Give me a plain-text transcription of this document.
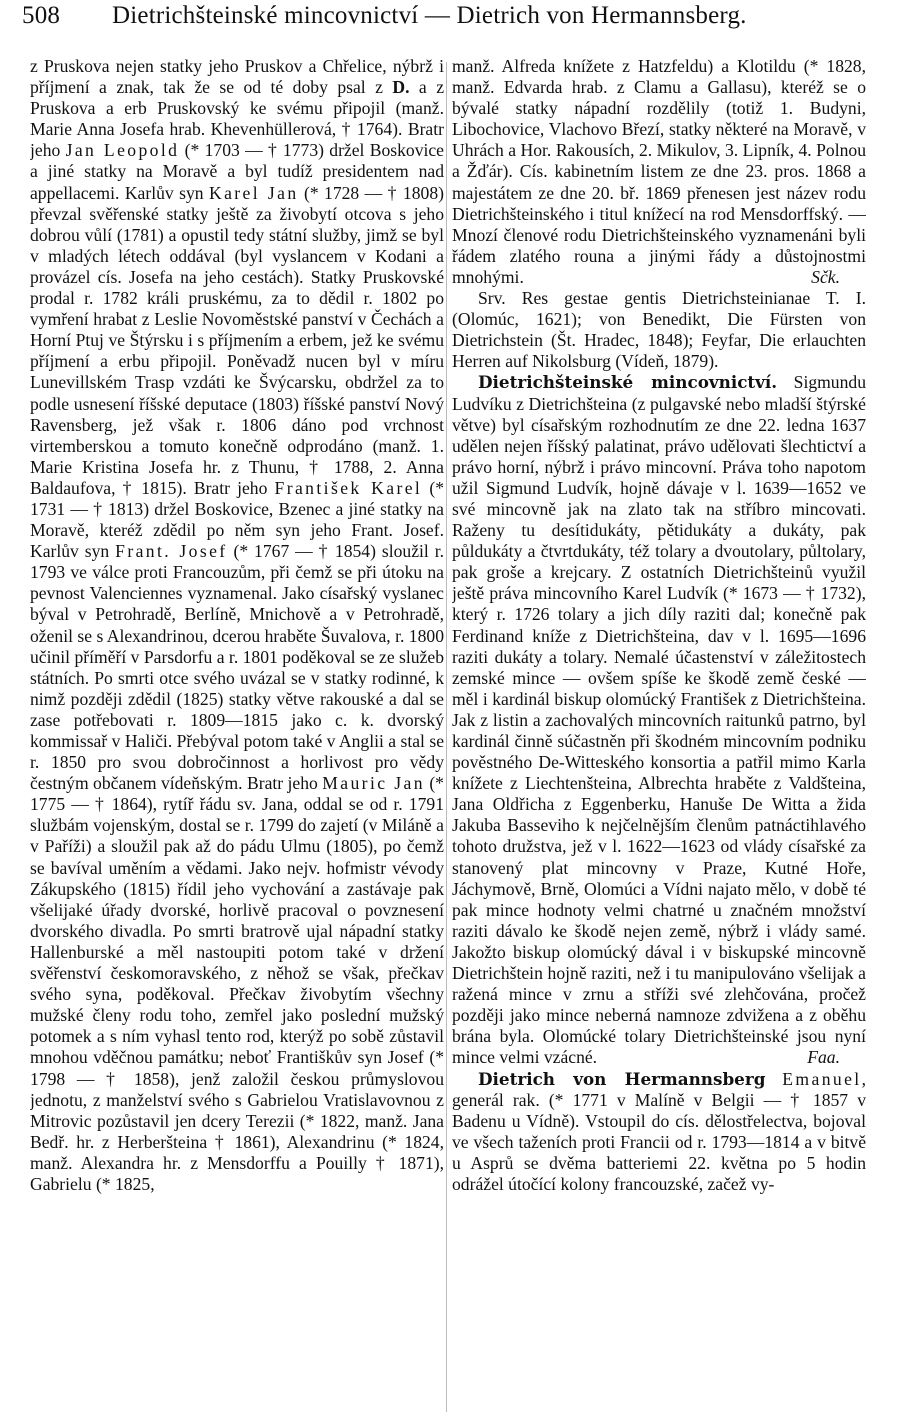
508	Dietrichšteinské mincovnictví — Dietrich von Hermannsberg.

z Pruskova nejen statky jeho Pruskov a Chřelice, nýbrž i příjmení a znak, tak že se od té doby psal z D. a z Pruskova a erb Pruskovský ke svému připojil (manž. Marie Anna Josefa hrab. Khevenhüllerová, † 1764). Bratr jeho Jan Leopold (* 1703 — † 1773) držel Boskovice a jiné statky na Moravě a byl tudíž presidentem nad appellacemi. Karlův syn Karel Jan (* 1728 — † 1808) převzal svěřenské statky ještě za živobytí otcova s jeho dobrou vůlí (1781) a opustil tedy státní služby, jimž se byl v mladých létech oddával (byl vyslancem v Kodani a provázel cís. Josefa na jeho cestách). Statky Pruskovské prodal r. 1782 králi pruskému, za to dědil r. 1802 po vymření hrabat z Leslie Novoměstské panství v Čechách a Horní Ptuj ve Štýrsku i s příjmením a erbem, jež ke svému příjmení a erbu připojil. Poněvadž nucen byl v míru Lunevillském Trasp vzdáti ke Švýcarsku, obdržel za to podle usnesení říšské deputace (1803) říšské panství Nový Ravensberg, jež však r. 1806 dáno pod vrchnost virtemberskou a tomuto konečně odprodáno (manž. 1. Marie Kristina Josefa hr. z Thunu, † 1788, 2. Anna Baldaufova, † 1815). Bratr jeho František Karel (* 1731 — † 1813) držel Boskovice, Bzenec a jiné statky na Moravě, kteréž zdědil po něm syn jeho Frant. Josef. Karlův syn Frant. Josef (* 1767 — † 1854) sloužil r. 1793 ve válce proti Francouzům, při čemž se při útoku na pevnost Valenciennes vyznamenal. Jako císařský vyslanec býval v Petrohradě, Berlíně, Mnichově a v Petrohradě, oženil se s Alexandrinou, dcerou hraběte Šuvalova, r. 1800 učinil příměří v Parsdorfu a r. 1801 poděkoval se ze služeb státních. Po smrti otce svého uvázal se v statky rodinné, k nimž později zdědil (1825) statky větve rakouské a dal se zase potřebovati r. 1809—1815 jako c. k. dvorský kommissař v Haliči. Přebýval potom také v Anglii a stal se r. 1850 pro svou dobročinnost a horlivost pro vědy čestným občanem vídeňským. Bratr jeho Mauric Jan (* 1775 — † 1864), rytíř řádu sv. Jana, oddal se od r. 1791 službám vojenským, dostal se r. 1799 do zajetí (v Miláně a v Paříži) a sloužil pak až do pádu Ulmu (1805), po čemž se bavíval uměním a vědami. Jako nejv. hofmistr vévody Zákupského (1815) řídil jeho vychování a zastávaje pak všelijaké úřady dvorské, horlivě pracoval o povznesení dvorského divadla. Po smrti bratrově ujal nápadní statky Hallenburské a měl nastoupiti potom také v držení svěřenství českomoravského, z něhož se však, přečkav svého syna, poděkoval. Přečkav živobytím všechny mužské členy rodu toho, zemřel jako poslední mužský potomek a s ním vyhasl tento rod, kterýž po sobě zůstavil mnohou vděčnou památku; neboť Františkův syn Josef (* 1798 — † 1858), jenž založil českou průmyslovou jednotu, z manželství svého s Gabrielou Vratislavovnou z Mitrovic pozůstavil jen dcery Terezii (* 1822, manž. Jana Bedř. hr. z Herberšteina † 1861), Alexandrinu (* 1824, manž. Alexandra hr. z Mensdorffu a Pouilly † 1871), Gabrielu (* 1825,

manž. Alfreda knížete z Hatzfeldu) a Klotildu (* 1828, manž. Edvarda hrab. z Clamu a Gallasu), kteréž se o bývalé statky nápadní rozdělily (totiž 1. Budyni, Libochovice, Vlachovo Březí, statky některé na Moravě, v Uhrách a Hor. Rakousích, 2. Mikulov, 3. Lipník, 4. Polnou a Žďár). Cís. kabinetním listem ze dne 23. pros. 1868 a majestátem ze dne 20. bř. 1869 přenesen jest název rodu Dietrichšteinského i titul knížecí na rod Mensdorffský. — Mnozí členové rodu Dietrichšteinského vyznamenáni byli řádem zlatého rouna a jinými řády a důstojnostmi mnohými.	Sčk.

Srv. Res gestae gentis Dietrichsteinianae T. I. (Olomúc, 1621); von Benedikt, Die Fürsten von Dietrichstein (Št. Hradec, 1848); Feyfar, Die erlauchten Herren auf Nikolsburg (Vídeň, 1879).

Dietrichšteinské mincovnictví. Sigmundu Ludvíku z Dietrichšteina (z pulgavské nebo mladší štýrské větve) byl císařským rozhodnutím ze dne 22. ledna 1637 udělen nejen říšský palatinat, právo udělovati šlechtictví a právo horní, nýbrž i právo mincovní. Práva toho napotom užil Sigmund Ludvík, hojně dávaje v l. 1639—1652 ve své mincovně jak na zlato tak na stříbro mincovati. Raženy tu desítidukáty, pětidukáty a dukáty, pak půldukáty a čtvrtdukáty, též tolary a dvoutolary, půltolary, pak groše a krejcary. Z ostatních Dietrichšteinů využil ještě práva mincovního Karel Ludvík (* 1673 — † 1732), který r. 1726 tolary a jich díly raziti dal; konečně pak Ferdinand kníže z Dietrichšteina, dav v l. 1695—1696 raziti dukáty a tolary. Nemalé účastenství v záležitostech zemské mince — ovšem spíše ke škodě země české — měl i kardinál biskup olomúcký František z Dietrichšteina. Jak z listin a zachovalých mincovních raitunků patrno, byl kardinál činně súčastněn při škodném mincovním podniku pověstného De-Witteského konsortia a patřil mimo Karla knížete z Liechtenšteina, Albrechta hraběte z Valdšteina, Jana Oldřicha z Eggenberku, Hanuše De Witta a žida Jakuba Basseviho k nejčelnějším členům patnáctihlavého tohoto družstva, jež v l. 1622—1623 od vlády císařské za stanovený plat mincovny v Praze, Kutné Hoře, Jáchymově, Brně, Olomúci a Vídni najato mělo, v době té pak mince hodnoty velmi chatrné u značném množství raziti dávalo ke škodě nejen země, nýbrž i vlády samé. Jakožto biskup olomúcký dával i v biskupské mincovně Dietrichštein hojně raziti, než i tu manipulováno všelijak a ražená mince v zrnu a stříži své zlehčována, pročež později jako mince neberná namnoze zdvižena a z oběhu brána byla. Olomúcké tolary Dietrichšteinské jsou nyní mince velmi vzácné.	Faa.

Dietrich von Hermannsberg Emanuel, generál rak. (* 1771 v Malíně v Belgii — † 1857 v Badenu u Vídně). Vstoupil do cís. dělostřelectva, bojoval ve všech taženích proti Francii od r. 1793—1814 a v bitvě u Asprů se dvěma batteriemi 22. května po 5 hodin odrážel útočící kolony francouzské, začež vy-
